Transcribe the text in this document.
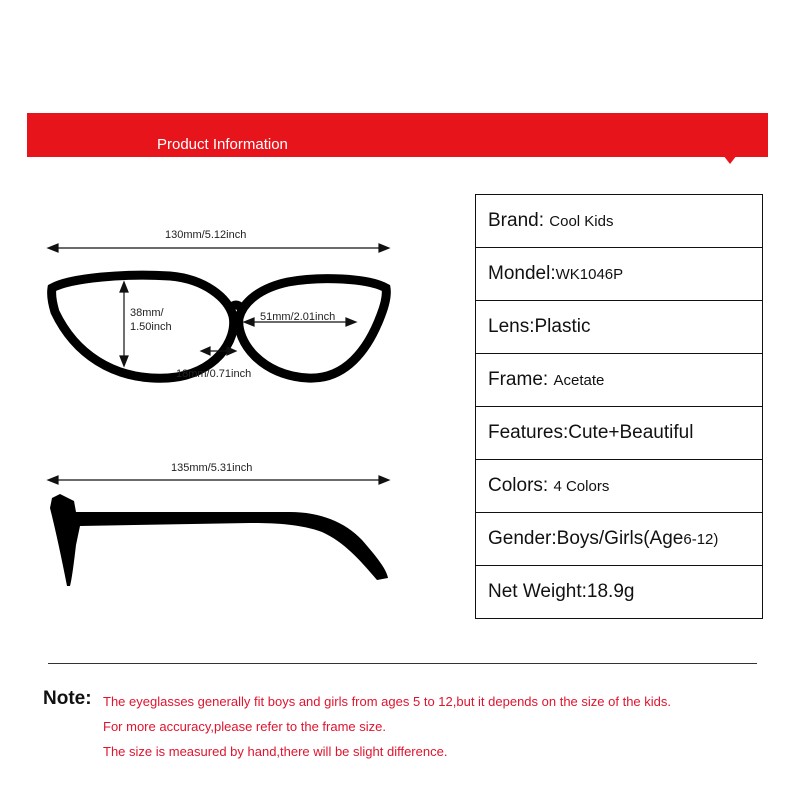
Product Information
130mm/5.12inch
38mm/
1.50inch
51mm/2.01inch
18mm/0.71inch
135mm/5.31inch
Brand: Cool Kids
Mondel:WK1046P
Lens:Plastic
Frame: Acetate
Features:Cute+Beautiful
Colors: 4 Colors
Gender:Boys/Girls(Age6-12)
Net Weight:18.9g
Note: The eyeglasses generally fit boys and girls from ages 5 to 12,but it depends on the size of the kids.
For more accuracy,please refer to the frame size.
The size is measured by hand,there will be slight difference.
